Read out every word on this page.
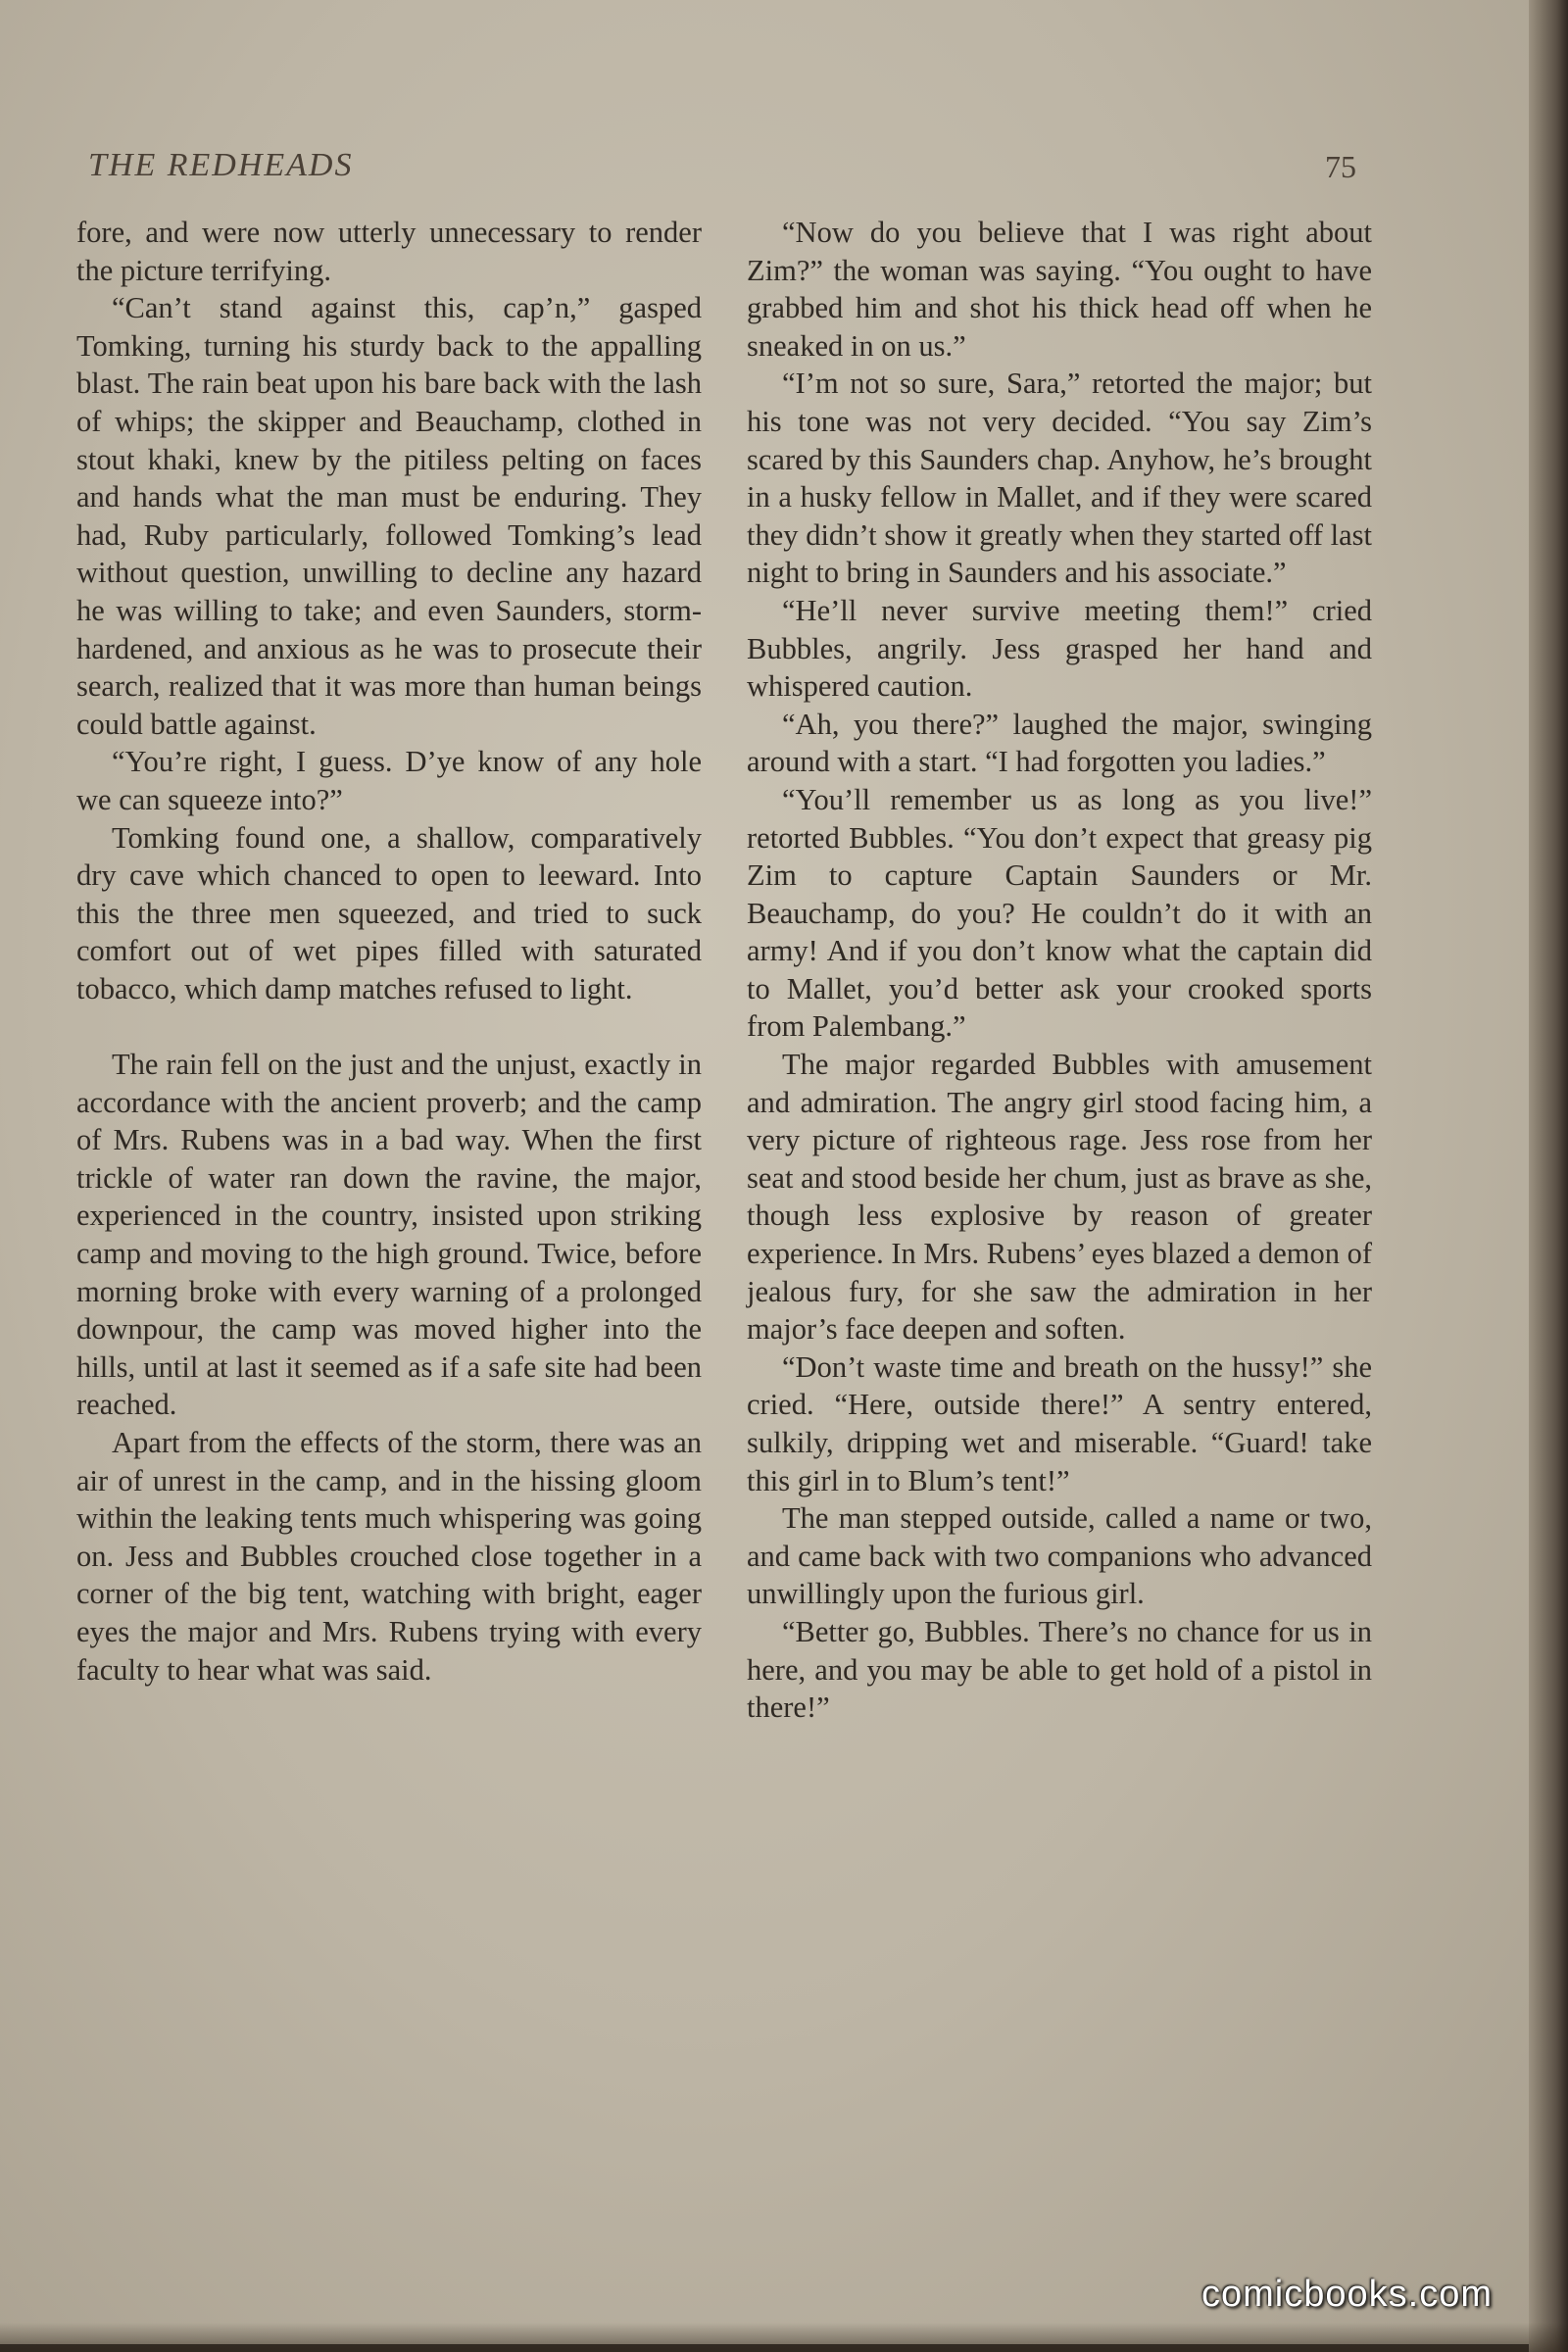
THE REDHEADS	75

fore, and were now utterly unnecessary to render the picture terrifying.

“Can’t stand against this, cap’n,” gasped Tomking, turning his sturdy back to the appalling blast. The rain beat upon his bare back with the lash of whips; the skipper and Beauchamp, clothed in stout khaki, knew by the pitiless pelting on faces and hands what the man must be enduring. They had, Ruby particularly, followed Tomking’s lead without question, unwilling to decline any hazard he was willing to take; and even Saunders, storm-hardened, and anxious as he was to prosecute their search, realized that it was more than human beings could battle against.

“You’re right, I guess. D’ye know of any hole we can squeeze into?”

Tomking found one, a shallow, comparatively dry cave which chanced to open to leeward. Into this the three men squeezed, and tried to suck comfort out of wet pipes filled with saturated tobacco, which damp matches refused to light.

The rain fell on the just and the unjust, exactly in accordance with the ancient proverb; and the camp of Mrs. Rubens was in a bad way. When the first trickle of water ran down the ravine, the major, experienced in the country, insisted upon striking camp and moving to the high ground. Twice, before morning broke with every warning of a prolonged downpour, the camp was moved higher into the hills, until at last it seemed as if a safe site had been reached.

Apart from the effects of the storm, there was an air of unrest in the camp, and in the hissing gloom within the leaking tents much whispering was going on. Jess and Bubbles crouched close together in a corner of the big tent, watching with bright, eager eyes the major and Mrs. Rubens trying with every faculty to hear what was said.

“Now do you believe that I was right about Zim?” the woman was saying. “You ought to have grabbed him and shot his thick head off when he sneaked in on us.”

“I’m not so sure, Sara,” retorted the major; but his tone was not very decided. “You say Zim’s scared by this Saunders chap. Anyhow, he’s brought in a husky fellow in Mallet, and if they were scared they didn’t show it greatly when they started off last night to bring in Saunders and his associate.”

“He’ll never survive meeting them!” cried Bubbles, angrily. Jess grasped her hand and whispered caution.

“Ah, you there?” laughed the major, swinging around with a start. “I had forgotten you ladies.”

“You’ll remember us as long as you live!” retorted Bubbles. “You don’t expect that greasy pig Zim to capture Captain Saunders or Mr. Beauchamp, do you? He couldn’t do it with an army! And if you don’t know what the captain did to Mallet, you’d better ask your crooked sports from Palembang.”

The major regarded Bubbles with amusement and admiration. The angry girl stood facing him, a very picture of righteous rage. Jess rose from her seat and stood beside her chum, just as brave as she, though less explosive by reason of greater experience. In Mrs. Rubens’ eyes blazed a demon of jealous fury, for she saw the admiration in her major’s face deepen and soften.

“Don’t waste time and breath on the hussy!” she cried. “Here, outside there!” A sentry entered, sulkily, dripping wet and miserable. “Guard! take this girl in to Blum’s tent!”

The man stepped outside, called a name or two, and came back with two companions who advanced unwillingly upon the furious girl.

“Better go, Bubbles. There’s no chance for us in here, and you may be able to get hold of a pistol in there!”

comicbooks.com
